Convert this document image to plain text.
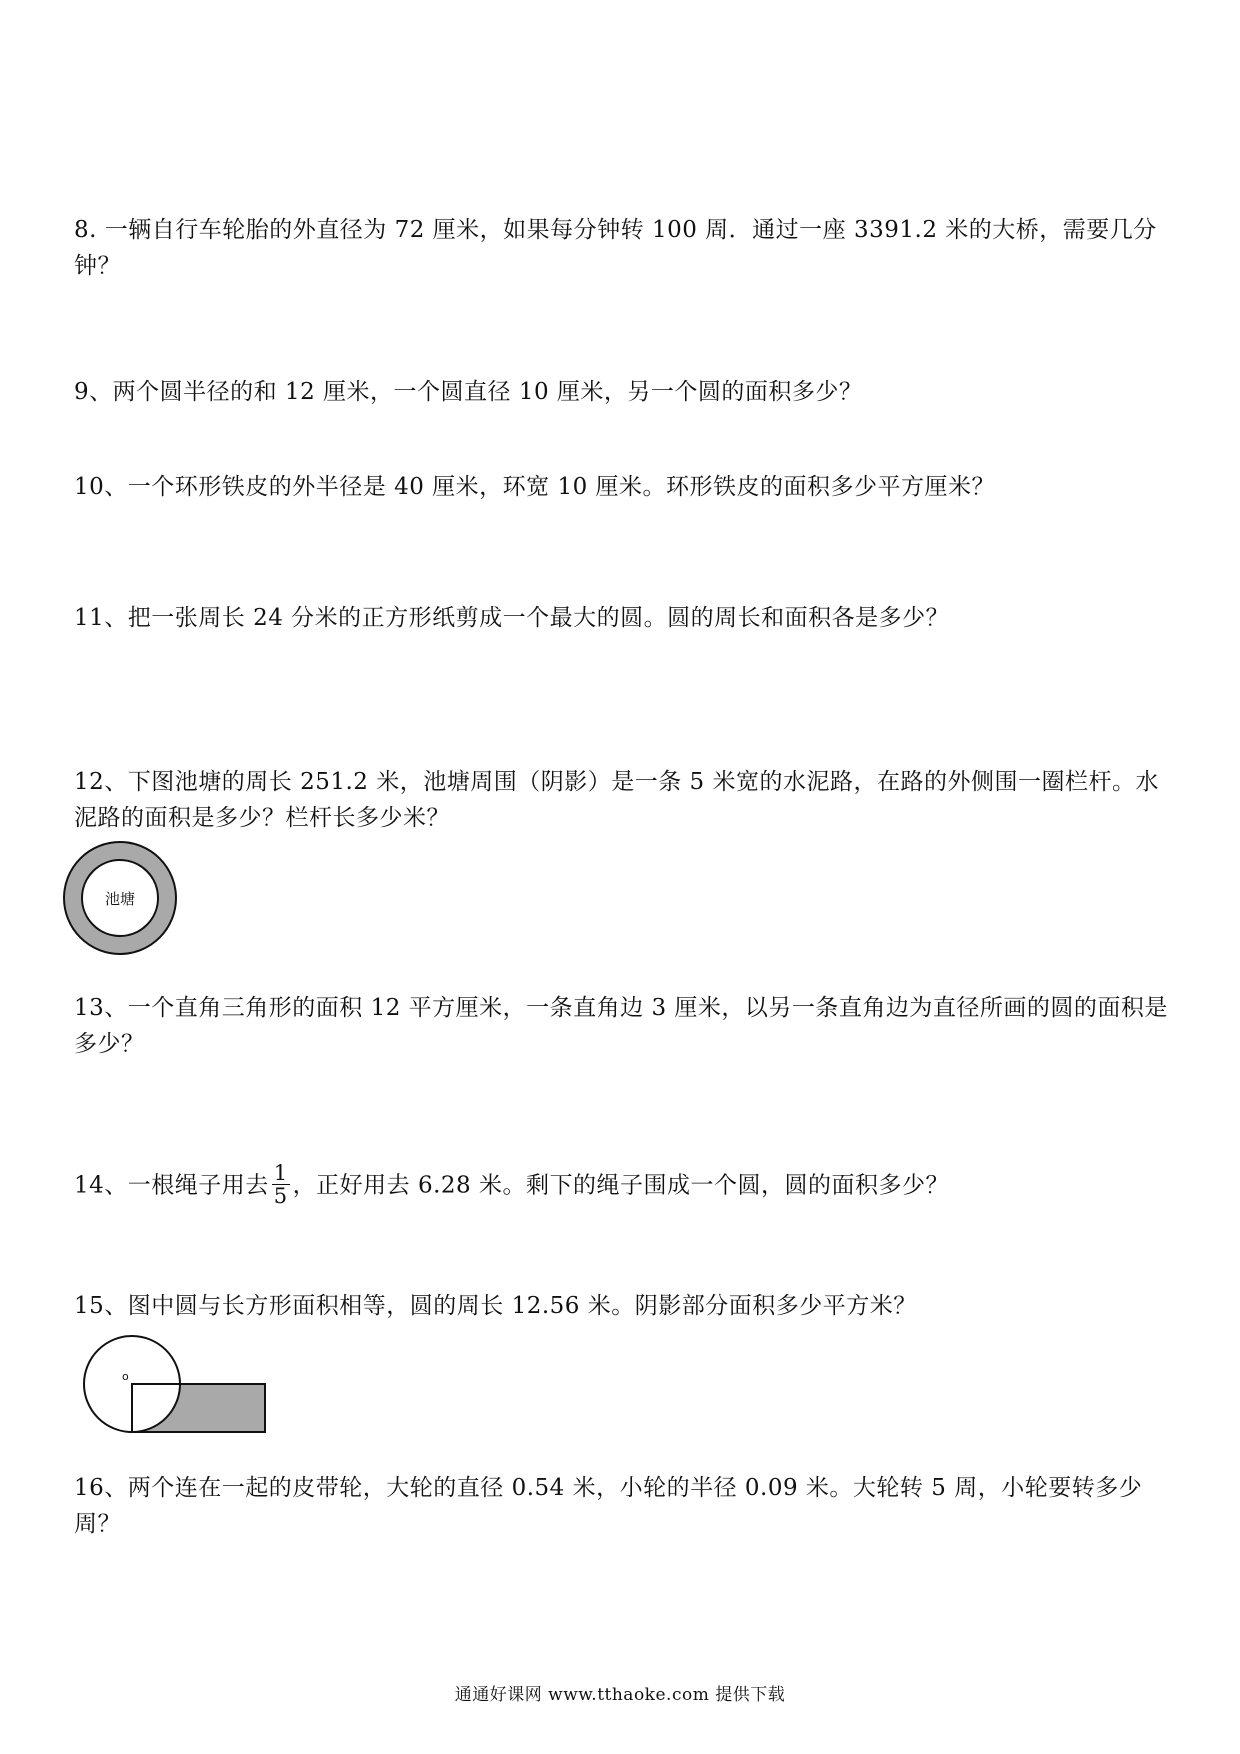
8. 一辆自行车轮胎的外直径为 72 厘米，如果每分钟转 100 周．通过一座 3391.2 米的大桥，需要几分钟？

9、两个圆半径的和 12 厘米，一个圆直径 10 厘米，另一个圆的面积多少？

10、一个环形铁皮的外半径是 40 厘米，环宽 10 厘米。环形铁皮的面积多少平方厘米？

11、把一张周长 24 分米的正方形纸剪成一个最大的圆。圆的周长和面积各是多少？

12、下图池塘的周长 251.2 米，池塘周围（阴影）是一条 5 米宽的水泥路，在路的外侧围一圈栏杆。水泥路的面积是多少？栏杆长多少米？

池塘

13、一个直角三角形的面积 12 平方厘米，一条直角边 3 厘米，以另一条直角边为直径所画的圆的面积是多少？

14、一根绳子用去 $\frac{1}{5}$ ，正好用去 6.28 米。剩下的绳子围成一个圆，圆的面积多少？

15、图中圆与长方形面积相等，圆的周长 12.56 米。阴影部分面积多少平方米？

o

16、两个连在一起的皮带轮，大轮的直径 0.54 米，小轮的半径 0.09 米。大轮转 5 周，小轮要转多少周？

通通好课网 www.tthaoke.com 提供下载
